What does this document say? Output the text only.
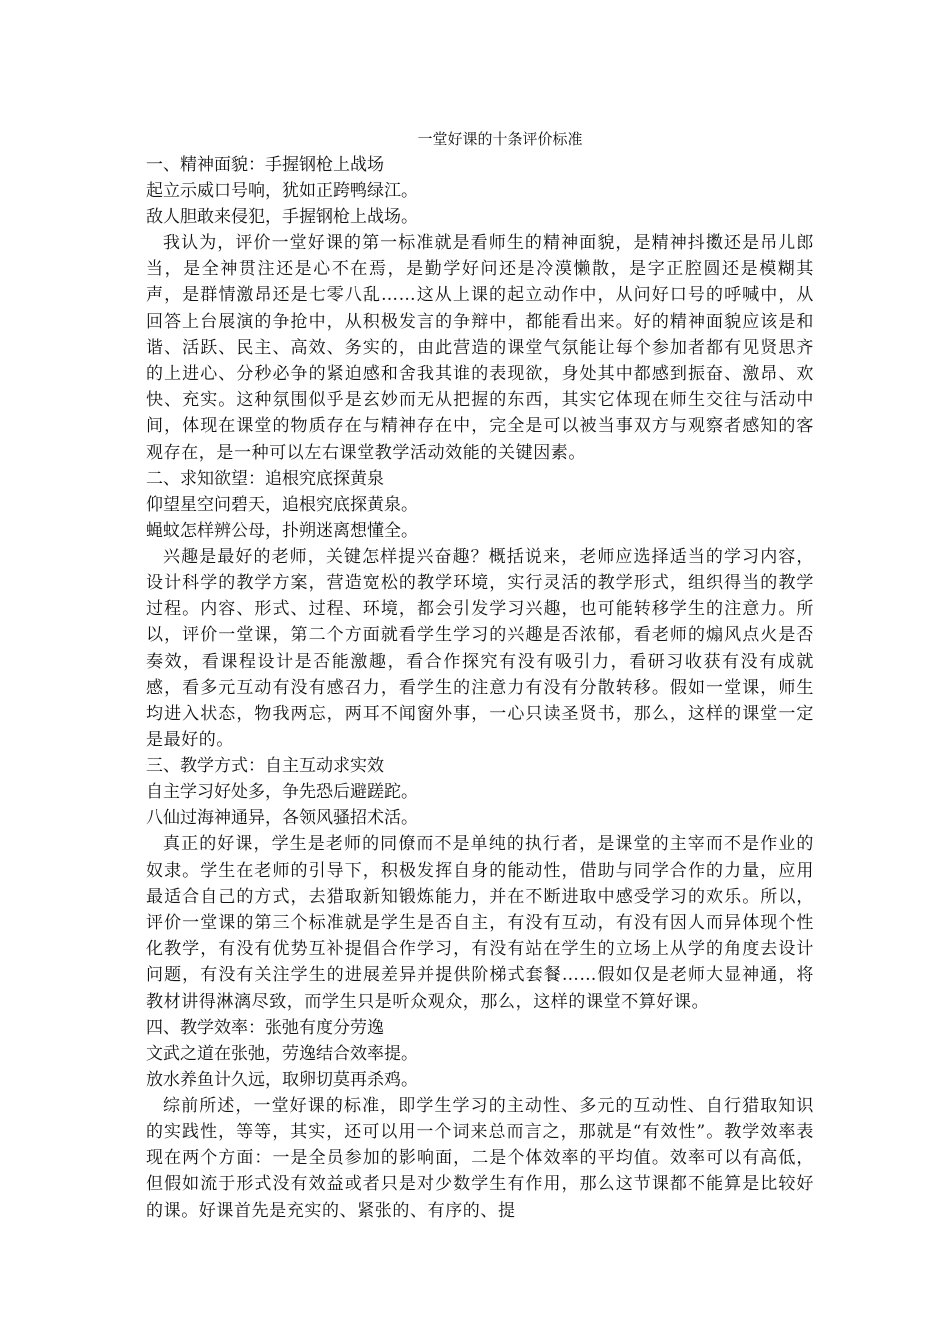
一堂好课的十条评价标准

一、精神面貌：手握钢枪上战场

起立示威口号响，犹如正跨鸭绿江。

敌人胆敢来侵犯，手握钢枪上战场。

我认为，评价一堂好课的第一标准就是看师生的精神面貌，是精神抖擞还是吊儿郎当，是全神贯注还是心不在焉，是勤学好问还是冷漠懒散，是字正腔圆还是模糊其声，是群情激昂还是七零八乱……这从上课的起立动作中，从问好口号的呼喊中，从回答上台展演的争抢中，从积极发言的争辩中，都能看出来。好的精神面貌应该是和谐、活跃、民主、高效、务实的，由此营造的课堂气氛能让每个参加者都有见贤思齐的上进心、分秒必争的紧迫感和舍我其谁的表现欲，身处其中都感到振奋、激昂、欢快、充实。这种氛围似乎是玄妙而无从把握的东西，其实它体现在师生交往与活动中间，体现在课堂的物质存在与精神存在中，完全是可以被当事双方与观察者感知的客观存在，是一种可以左右课堂教学活动效能的关键因素。

二、求知欲望：追根究底探黄泉

仰望星空问碧天，追根究底探黄泉。

蝇蚊怎样辨公母，扑朔迷离想懂全。

兴趣是最好的老师，关键怎样提兴奋趣？概括说来，老师应选择适当的学习内容，设计科学的教学方案，营造宽松的教学环境，实行灵活的教学形式，组织得当的教学过程。内容、形式、过程、环境，都会引发学习兴趣，也可能转移学生的注意力。所以，评价一堂课，第二个方面就看学生学习的兴趣是否浓郁，看老师的煽风点火是否奏效，看课程设计是否能激趣，看合作探究有没有吸引力，看研习收获有没有成就感，看多元互动有没有感召力，看学生的注意力有没有分散转移。假如一堂课，师生均进入状态，物我两忘，两耳不闻窗外事，一心只读圣贤书，那么，这样的课堂一定是最好的。

三、教学方式：自主互动求实效

自主学习好处多，争先恐后避蹉跎。

八仙过海神通异，各领风骚招术活。

真正的好课，学生是老师的同僚而不是单纯的执行者，是课堂的主宰而不是作业的奴隶。学生在老师的引导下，积极发挥自身的能动性，借助与同学合作的力量，应用最适合自己的方式，去猎取新知锻炼能力，并在不断进取中感受学习的欢乐。所以，评价一堂课的第三个标准就是学生是否自主，有没有互动，有没有因人而异体现个性化教学，有没有优势互补提倡合作学习，有没有站在学生的立场上从学的角度去设计问题，有没有关注学生的进展差异并提供阶梯式套餐……假如仅是老师大显神通，将教材讲得淋漓尽致，而学生只是听众观众，那么，这样的课堂不算好课。

四、教学效率：张弛有度分劳逸

文武之道在张弛，劳逸结合效率提。

放水养鱼计久远，取卵切莫再杀鸡。

综前所述，一堂好课的标准，即学生学习的主动性、多元的互动性、自行猎取知识的实践性，等等，其实，还可以用一个词来总而言之，那就是“有效性”。教学效率表现在两个方面：一是全员参加的影响面，二是个体效率的平均值。效率可以有高低，但假如流于形式没有效益或者只是对少数学生有作用，那么这节课都不能算是比较好的课。好课首先是充实的、紧张的、有序的、提
